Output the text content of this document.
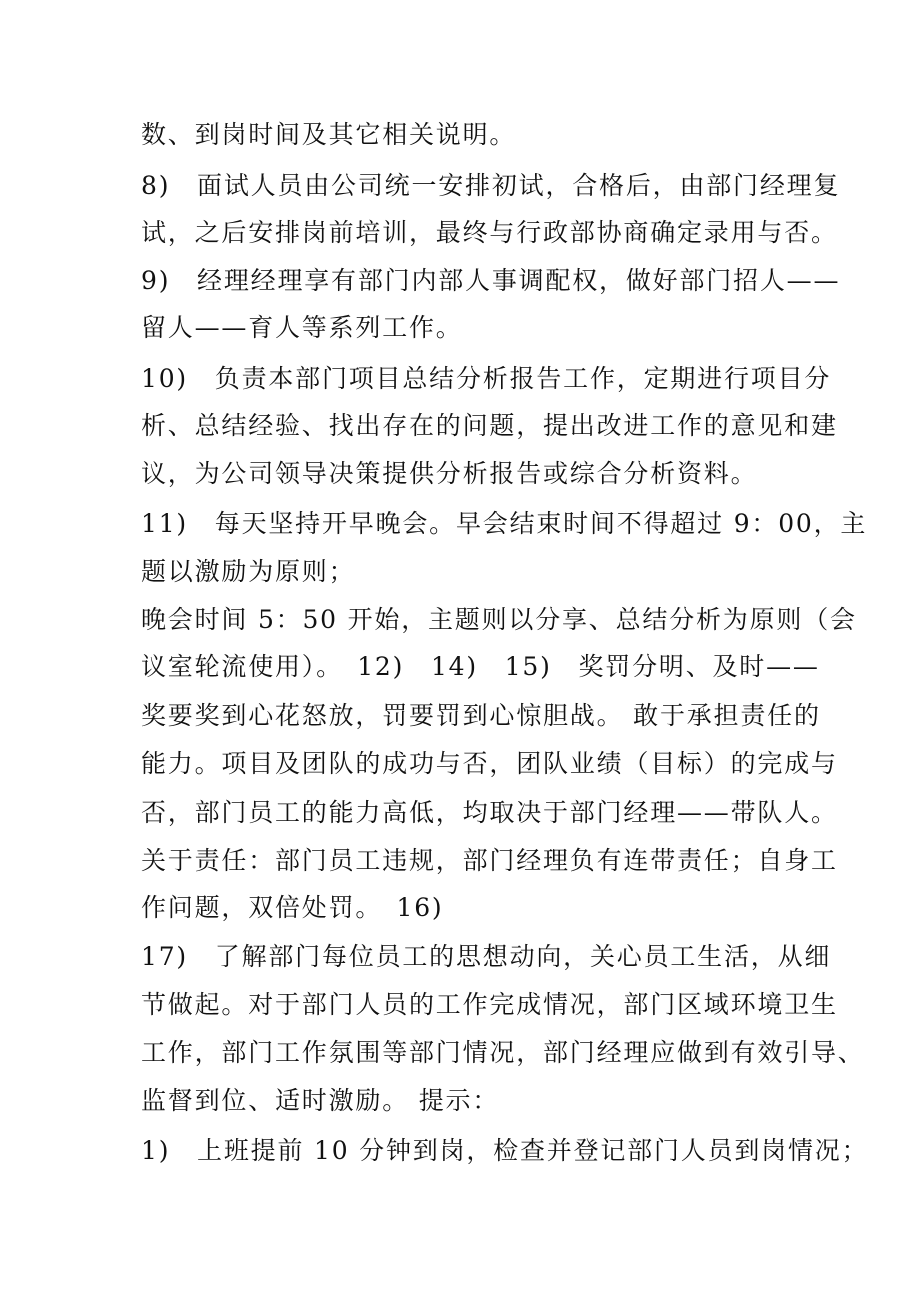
数、到岗时间及其它相关说明。
8)　面试人员由公司统一安排初试，合格后，由部门经理复
试，之后安排岗前培训，最终与行政部协商确定录用与否。
9)　经理经理享有部门内部人事调配权，做好部门招人——
留人——育人等系列工作。
10)　负责本部门项目总结分析报告工作，定期进行项目分
析、总结经验、找出存在的问题，提出改进工作的意见和建
议，为公司领导决策提供分析报告或综合分析资料。
11)　每天坚持开早晚会。早会结束时间不得超过 9：00，主
题以激励为原则；
晚会时间 5：50 开始，主题则以分享、总结分析为原则（会
议室轮流使用）。　12)　14)　15)　奖罚分明、及时——
奖要奖到心花怒放，罚要罚到心惊胆战。 敢于承担责任的
能力。项目及团队的成功与否，团队业绩（目标）的完成与
否，部门员工的能力高低，均取决于部门经理——带队人。
关于责任：部门员工违规，部门经理负有连带责任；自身工
作问题，双倍处罚。　16)
17)　了解部门每位员工的思想动向，关心员工生活，从细
节做起。对于部门人员的工作完成情况，部门区域环境卫生
工作，部门工作氛围等部门情况，部门经理应做到有效引导、
监督到位、适时激励。 提示：
1)　上班提前 10 分钟到岗，检查并登记部门人员到岗情况；
